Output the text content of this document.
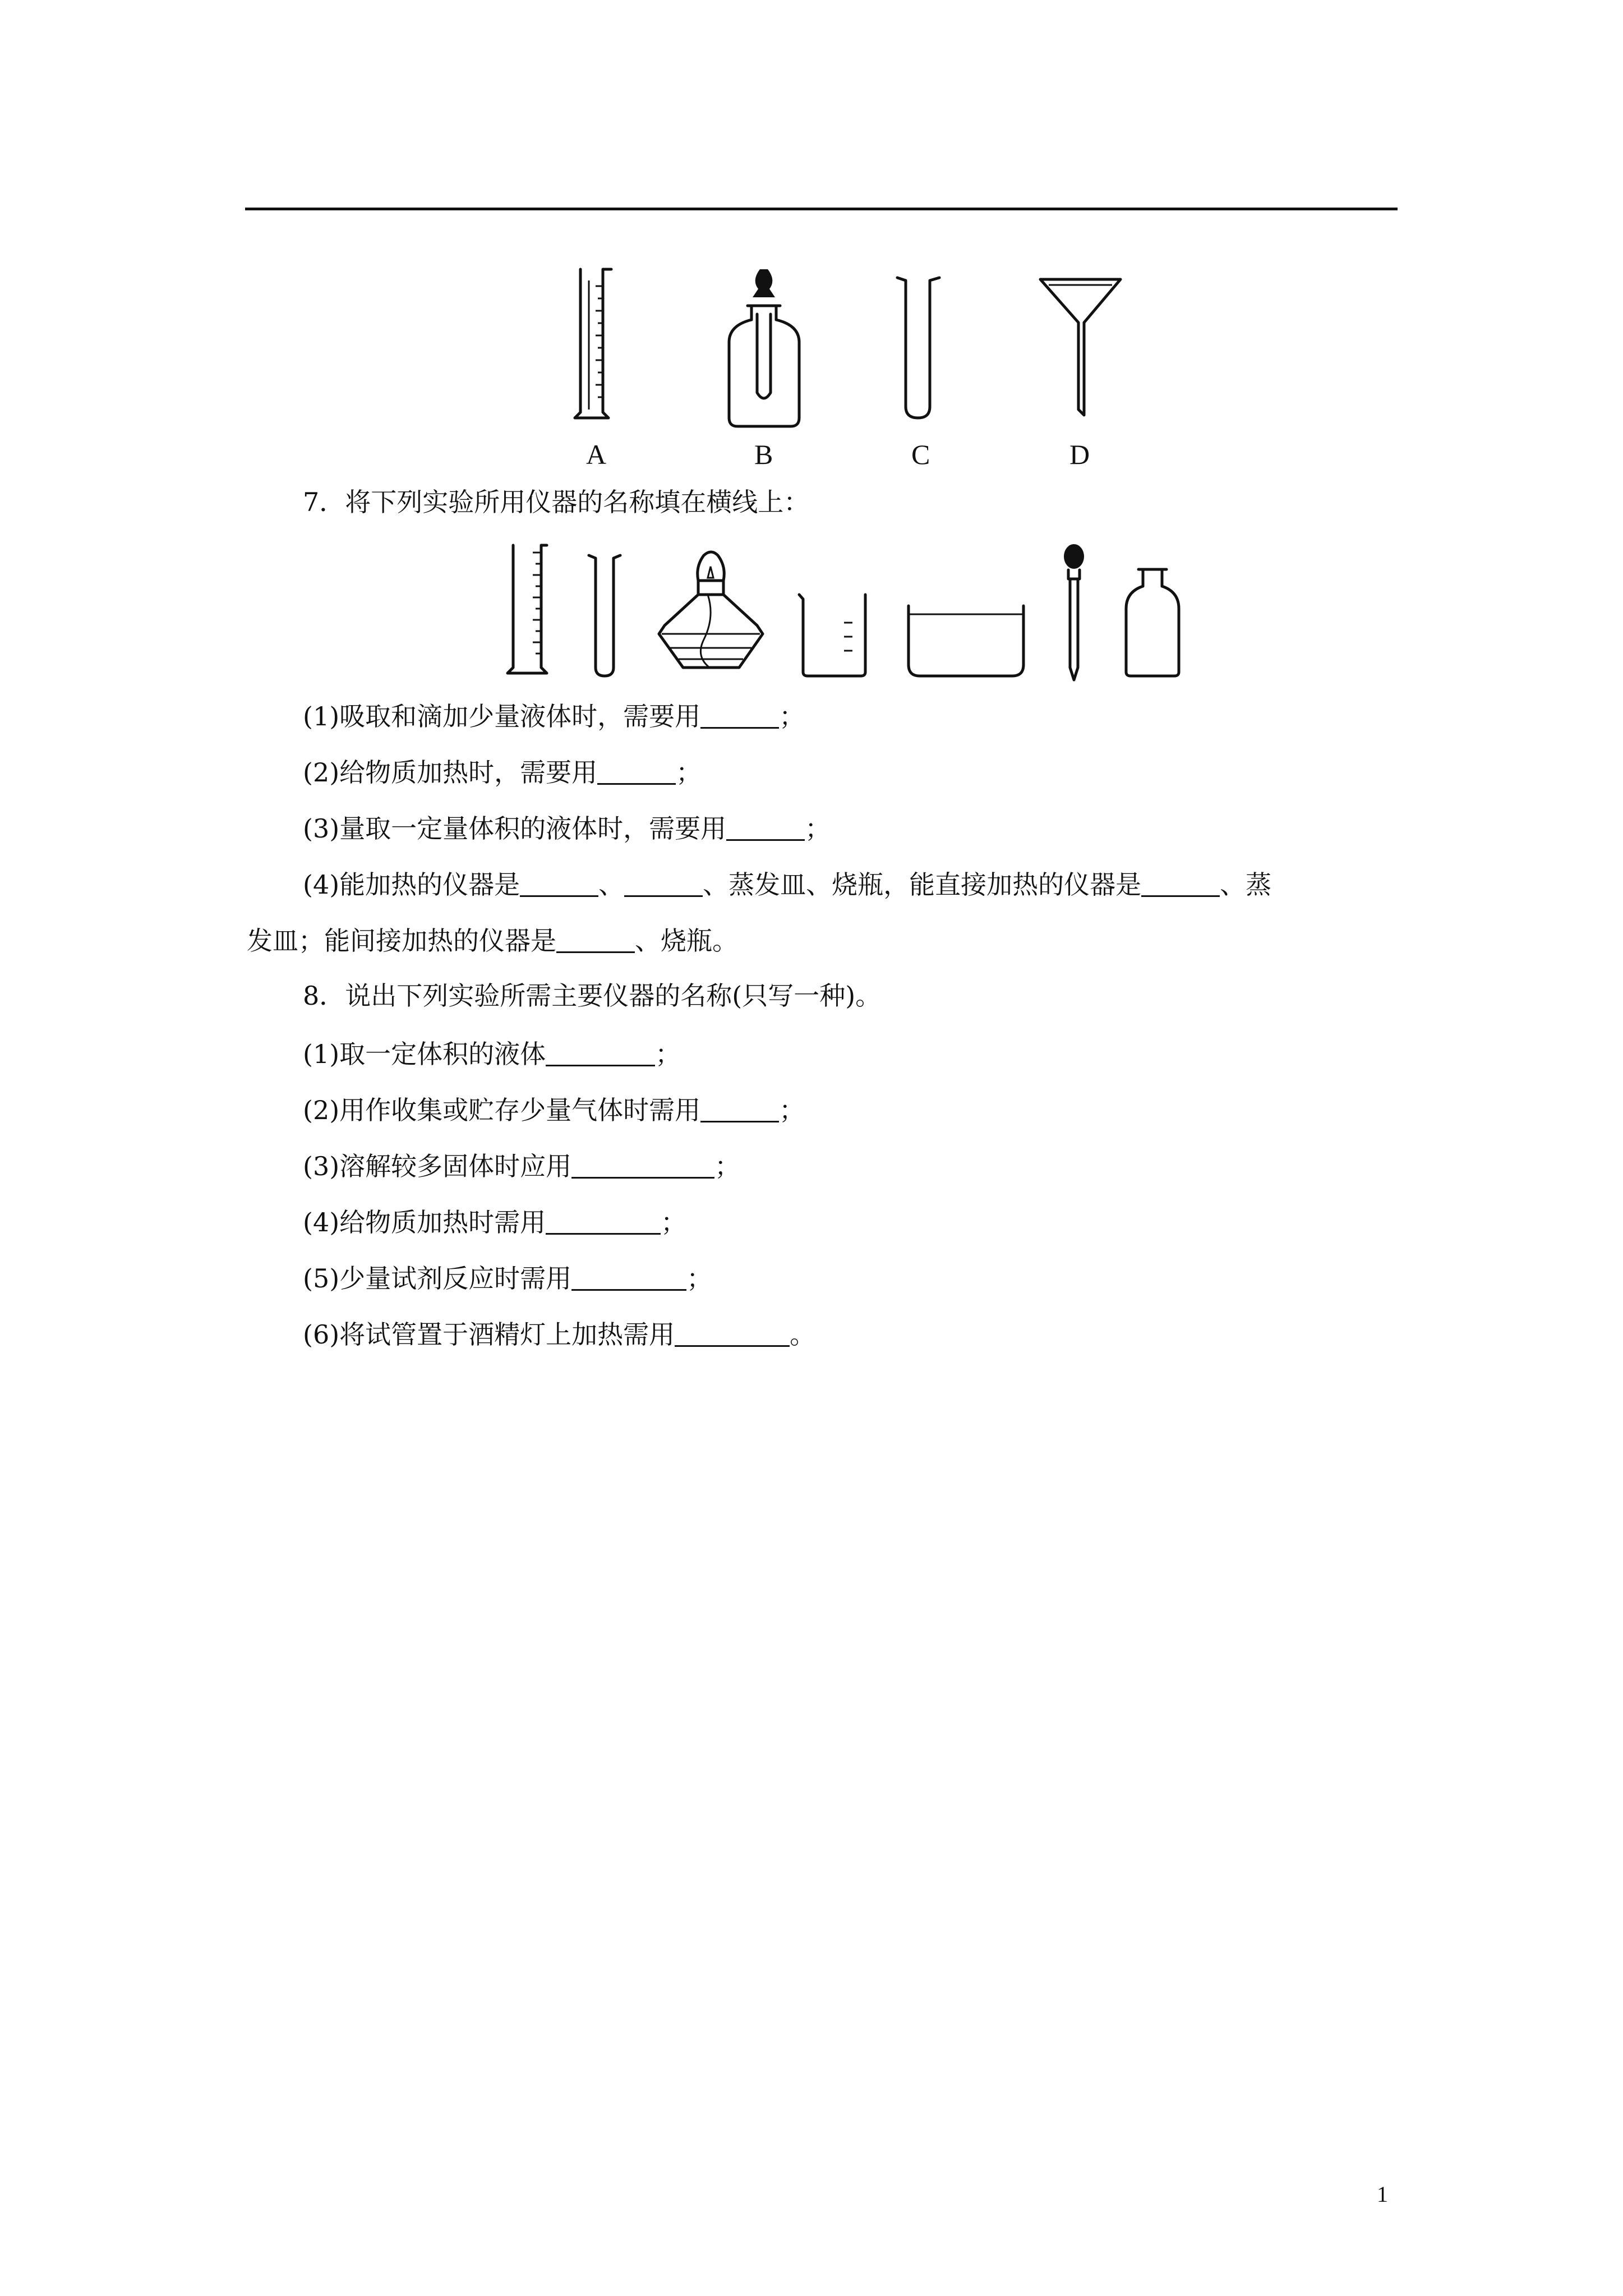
A	B	C	D
7．将下列实验所用仪器的名称填在横线上：
(1)吸取和滴加少量液体时，需要用	；
(2)给物质加热时，需要用	；
(3)量取一定量体积的液体时，需要用	；
(4)能加热的仪器是	、	、蒸发皿、烧瓶，能直接加热的仪器是	、蒸
发皿；能间接加热的仪器是	、烧瓶。
8．说出下列实验所需主要仪器的名称(只写一种)。
(1)取一定体积的液体	；
(2)用作收集或贮存少量气体时需用	；
(3)溶解较多固体时应用	；
(4)给物质加热时需用	；
(5)少量试剂反应时需用	；
(6)将试管置于酒精灯上加热需用	。
1
